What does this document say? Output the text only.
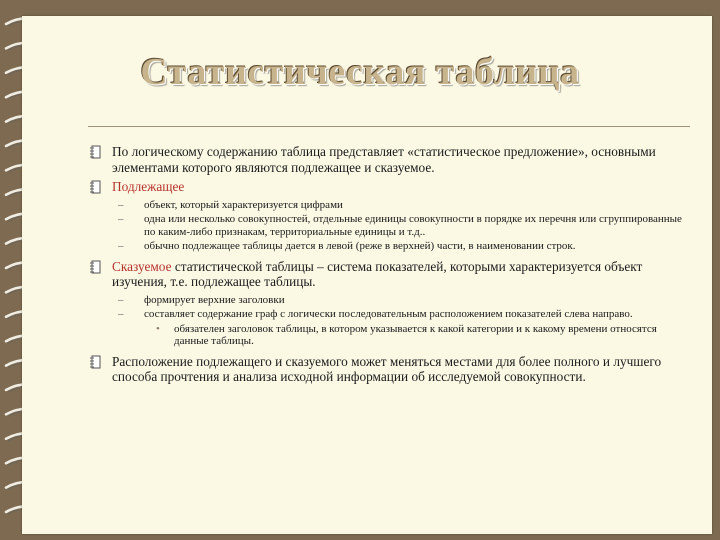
Статистическая таблица
По логическому содержанию таблица представляет «статистическое предложение», основными элементами которого являются подлежащее и сказуемое.
Подлежащее
– объект, который характеризуется цифрами
– одна или несколько совокупностей, отдельные единицы совокупности в порядке их перечня или сгруппированные по каким-либо признакам, территориальные единицы и т.д..
– обычно подлежащее таблицы дается в левой (реже в верхней) части, в наименовании строк.
Сказуемое статистической таблицы – система показателей, которыми характеризуется объект изучения, т.е. подлежащее таблицы.
– формирует верхние заголовки
– составляет содержание граф с логически последовательным расположением показателей слева направо.
• обязателен заголовок таблицы, в котором указывается к какой категории и к какому времени относятся данные таблицы.
Расположение подлежащего и сказуемого может меняться местами для более полного и лучшего способа прочтения и анализа исходной информации об исследуемой совокупности.
